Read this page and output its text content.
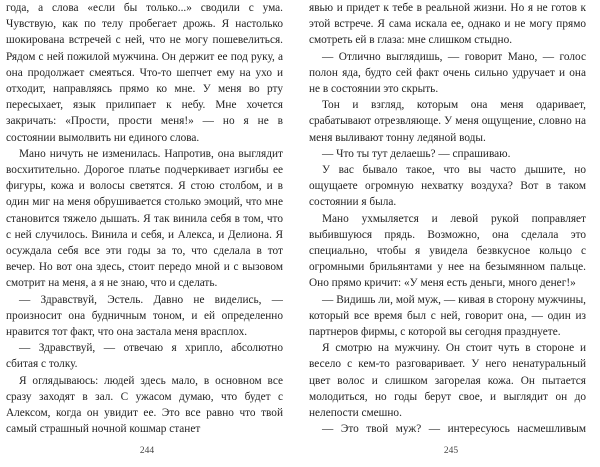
года, а слова «если бы только...» сводили с ума. Чувствую, как по телу пробегает дрожь. Я настолько шокирована встречей с ней, что не могу пошевелиться. Рядом с ней пожилой мужчина. Он держит ее под руку, а она продолжает смеяться. Что-то шепчет ему на ухо и отходит, направляясь прямо ко мне. У меня во рту пересыхает, язык прилипает к небу. Мне хочется закричать: «Прости, прости меня!» — но я не в состоянии вымолвить ни единого слова.

Мано ничуть не изменилась. Напротив, она выглядит восхитительно. Дорогое платье подчеркивает изгибы ее фигуры, кожа и волосы светятся. Я стою столбом, и в один миг на меня обрушивается столько эмоций, что мне становится тяжело дышать. Я так винила себя в том, что с ней случилось. Винила и себя, и Алекса, и Делиона. Я осуждала себя все эти годы за то, что сделала в тот вечер. Но вот она здесь, стоит передо мной и с вызовом смотрит на меня, а я не знаю, что и сделать.

— Здравствуй, Эстель. Давно не виделись, — произносит она будничным тоном, и ей определенно нравится тот факт, что она застала меня врасплох.

— Здравствуй, — отвечаю я хрипло, абсолютно сбитая с толку.

Я оглядываюсь: людей здесь мало, в основном все сразу заходят в зал. С ужасом думаю, что будет с Алексом, когда он увидит ее. Это все равно что твой самый страшный ночной кошмар станет

явью и придет к тебе в реальной жизни. Но я не готов к этой встрече. Я сама искала ее, однако и не могу прямо смотреть ей в глаза: мне слишком стыдно.

— Отлично выглядишь, — говорит Мано, — голос полон яда, будто сей факт очень сильно удручает и она не в состоянии это скрыть.

Тон и взгляд, которым она меня одаривает, срабатывают отрезвляюще. У меня ощущение, словно на меня выливают тонну ледяной воды.

— Что ты тут делаешь? — спрашиваю.

У вас бывало такое, что вы часто дышите, но ощущаете огромную нехватку воздуха? Вот в таком состоянии я была.

Мано ухмыляется и левой рукой поправляет выбившуюся прядь. Возможно, она сделала это специально, чтобы я увидела безвкусное кольцо с огромными брильянтами у нее на безымянном пальце. Оно прямо кричит: «У меня есть деньги, много денег!»

— Видишь ли, мой муж, — кивая в сторону мужчины, который все время был с ней, говорит она, — один из партнеров фирмы, с которой вы сегодня празднуете.

Я смотрю на мужчину. Он стоит чуть в стороне и весело с кем-то разговаривает. У него ненатуральный цвет волос и слишком загорелая кожа. Он пытается молодиться, но годы берут свое, и выглядит он до нелепости смешно.

— Это твой муж? — интересуюсь насмешливым

244	245
